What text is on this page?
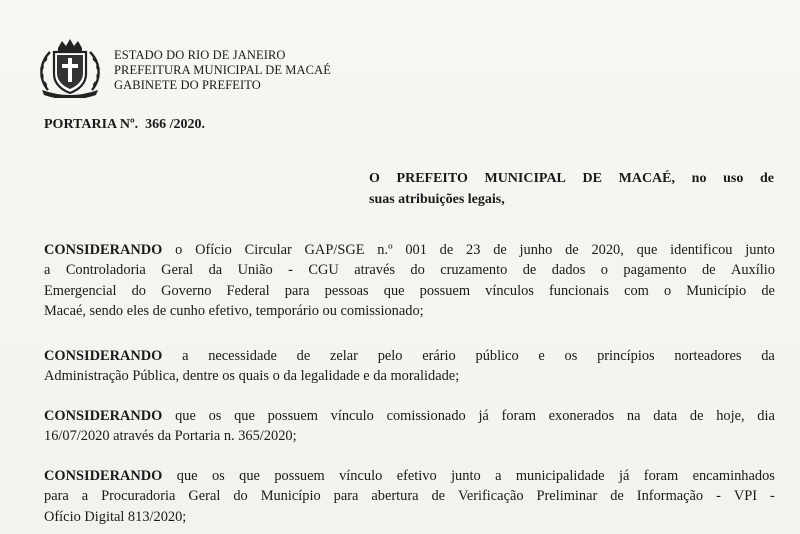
ESTADO DO RIO DE JANEIRO
PREFEITURA MUNICIPAL DE MACAÉ
GABINETE DO PREFEITO
PORTARIA Nº.  366 /2020.
O PREFEITO MUNICIPAL DE MACAÉ, no uso de
suas atribuições legais,
CONSIDERANDO o Ofício Circular GAP/SGE n.º 001 de 23 de junho de 2020, que identificou junto
a Controladoria Geral da União - CGU através do cruzamento de dados o pagamento de Auxílio
Emergencial do Governo Federal para pessoas que possuem vínculos funcionais com o Município de
Macaé, sendo eles de cunho efetivo, temporário ou comissionado;
CONSIDERANDO a necessidade de zelar pelo erário público e os princípios norteadores da
Administração Pública, dentre os quais o da legalidade e da moralidade;
CONSIDERANDO que os que possuem vínculo comissionado já foram exonerados na data de hoje, dia
16/07/2020 através da Portaria n. 365/2020;
CONSIDERANDO que os que possuem vínculo efetivo junto a municipalidade já foram encaminhados
para a Procuradoria Geral do Município para abertura de Verificação Preliminar de Informação - VPI -
Ofício Digital 813/2020;
